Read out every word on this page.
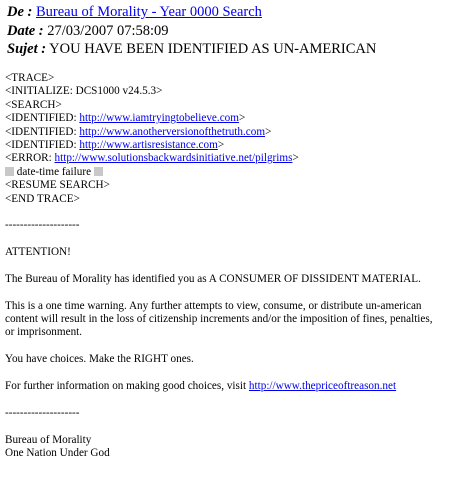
De : Bureau of Morality - Year 0000 Search
Date : 27/03/2007 07:58:09
Sujet : YOU HAVE BEEN IDENTIFIED AS UN-AMERICAN
<TRACE>
<INITIALIZE: DCS1000 v24.5.3>
<SEARCH>
<IDENTIFIED: http://www.iamtryingtobelieve.com>
<IDENTIFIED: http://www.anotherversionofthetruth.com>
<IDENTIFIED: http://www.artisresistance.com>
<ERROR: http://www.solutionsbackwardsinitiative.net/pilgrims>
date-time failure
<RESUME SEARCH>
<END TRACE>
--------------------
ATTENTION!
The Bureau of Morality has identified you as A CONSUMER OF DISSIDENT MATERIAL.
This is a one time warning. Any further attempts to view, consume, or distribute un-american
content will result in the loss of citizenship increments and/or the imposition of fines, penalties,
or imprisonment.
You have choices. Make the RIGHT ones.
For further information on making good choices, visit http://www.thepriceoftreason.net
--------------------
Bureau of Morality
One Nation Under God
